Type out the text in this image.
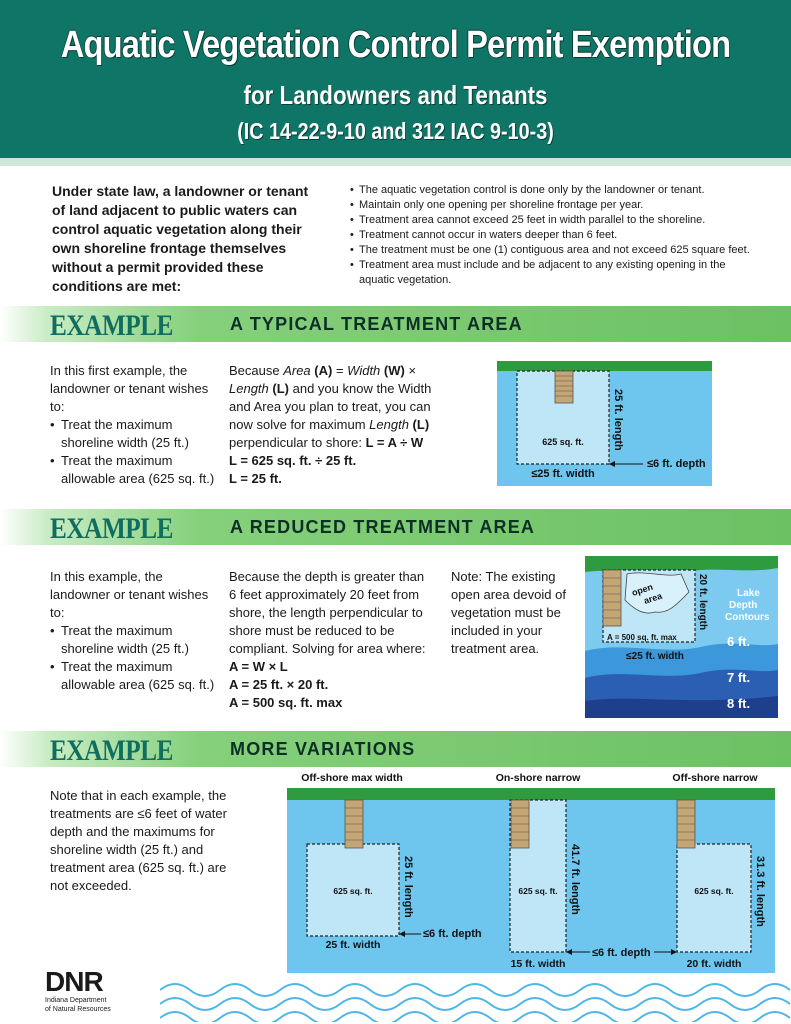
Aquatic Vegetation Control Permit Exemption
for Landowners and Tenants
(IC 14-22-9-10 and 312 IAC 9-10-3)
Under state law, a landowner or tenant of land adjacent to public waters can control aquatic vegetation along their own shoreline frontage themselves without a permit provided these conditions are met:
• The aquatic vegetation control is done only by the landowner or tenant.
• Maintain only one opening per shoreline frontage per year.
• Treatment area cannot exceed 25 feet in width parallel to the shoreline.
• Treatment cannot occur in waters deeper than 6 feet.
• The treatment must be one (1) contiguous area and not exceed 625 square feet.
• Treatment area must include and be adjacent to any existing opening in the aquatic vegetation.
EXAMPLE	A TYPICAL TREATMENT AREA
In this first example, the landowner or tenant wishes to:
• Treat the maximum shoreline width (25 ft.)
• Treat the maximum allowable area (625 sq. ft.)
Because Area (A) = Width (W) × Length (L) and you know the Width and Area you plan to treat, you can now solve for maximum Length (L) perpendicular to shore: L = A ÷ W
L = 625 sq. ft. ÷ 25 ft.
L = 25 ft.
625 sq. ft.	25 ft. length
≤25 ft. width
≤6 ft. depth
EXAMPLE	A REDUCED TREATMENT AREA
In this example, the landowner or tenant wishes to:
• Treat the maximum shoreline width (25 ft.)
• Treat the maximum allowable area (625 sq. ft.)
Because the depth is greater than 6 feet approximately 20 feet from shore, the length perpendicular to shore must be reduced to be compliant. Solving for area where:
A = W × L
A = 25 ft. × 20 ft.
A = 500 sq. ft. max
Note: The existing open area devoid of vegetation must be included in your treatment area.
open
area	20 ft. length
A = 500 sq. ft. max
≤25 ft. width
Lake
Depth
Contours
6 ft.
7 ft.
8 ft.
EXAMPLE	MORE VARIATIONS
Note that in each example, the treatments are ≤6 feet of water depth and the maximums for shoreline width (25 ft.) and treatment area (625 sq. ft.) are not exceeded.
Off-shore max width	On-shore narrow	Off-shore narrow
625 sq. ft.	25 ft. length
25 ft. width
≤6 ft. depth
625 sq. ft. 41.7 ft. length
15 ft. width
≤6 ft. depth
625 sq. ft. 31.3 ft. length
20 ft. width
DNR
Indiana Department
of Natural Resources
